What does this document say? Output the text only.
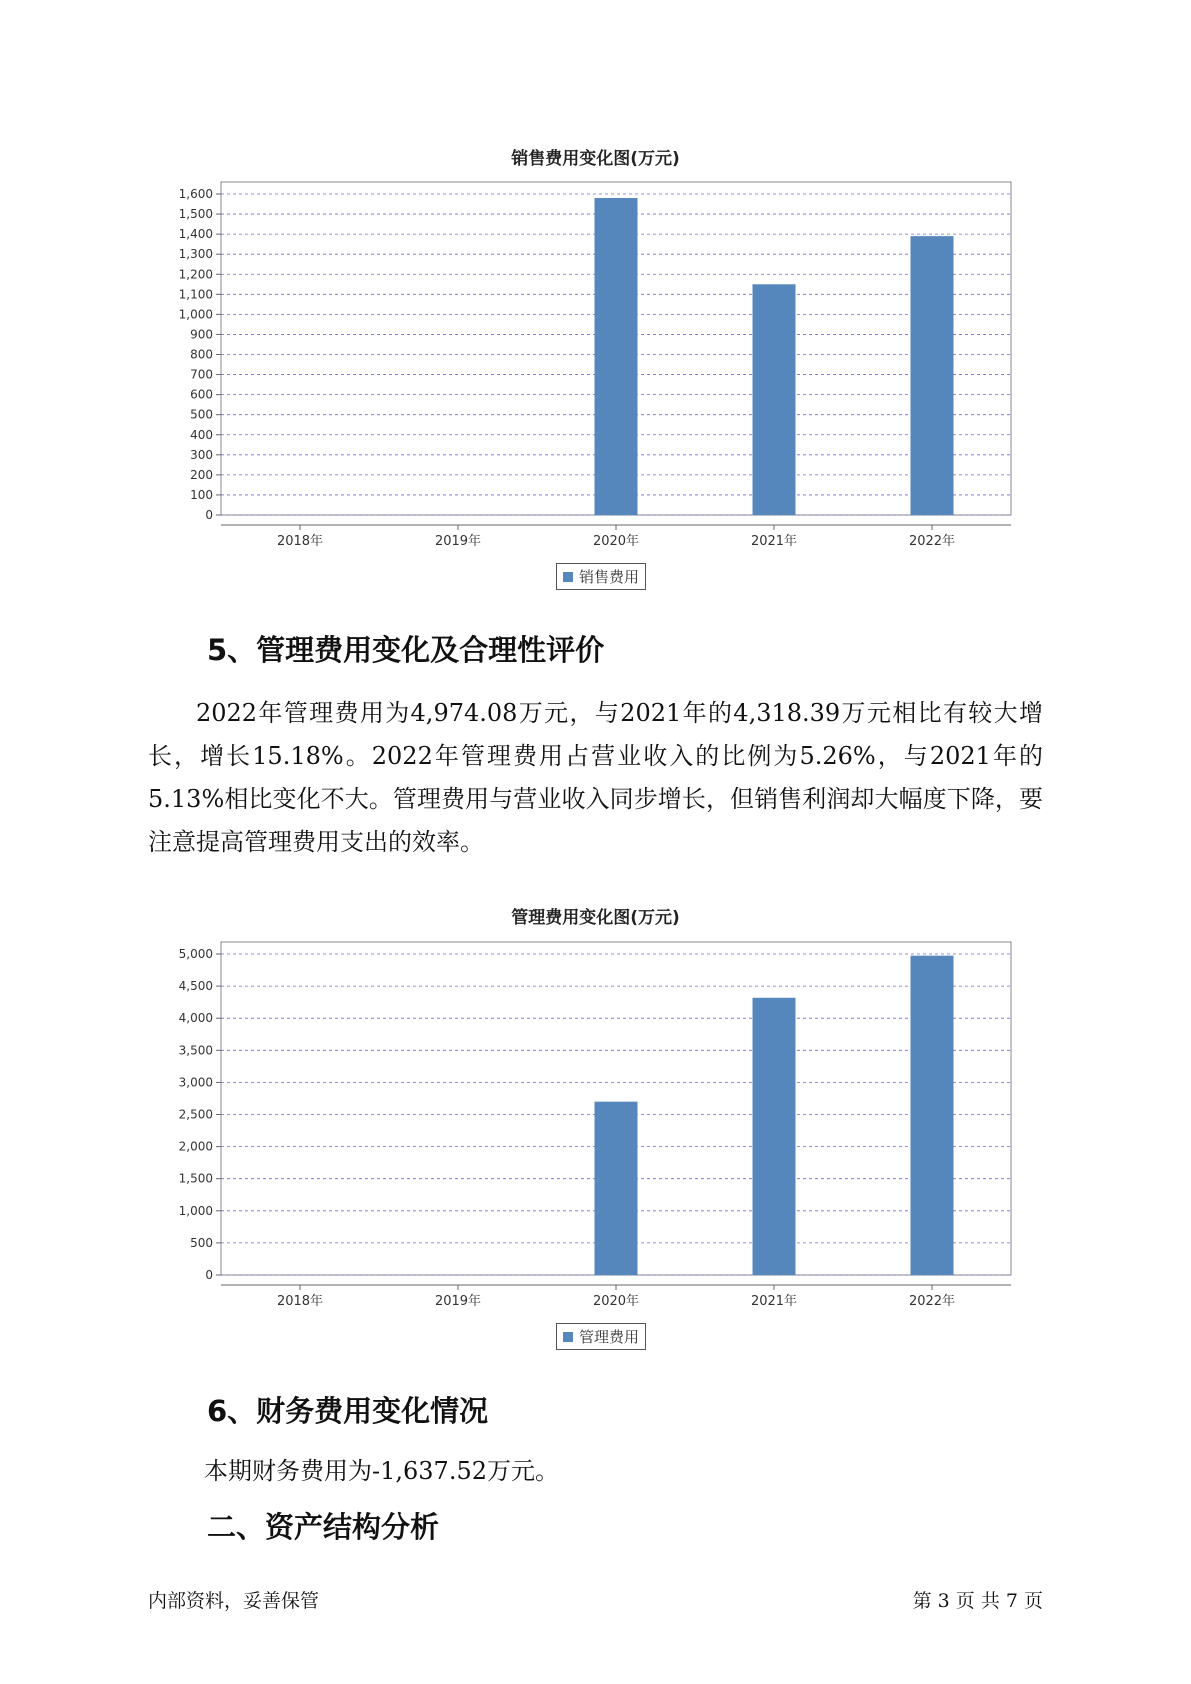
销售费用变化图(万元)
0
100
200
300
400
500
600
700
800
900
1,000
1,100
1,200
1,300
1,400
1,500
1,600
2018年	2019年	2020年	2021年	2022年
销售费用
5、管理费用变化及合理性评价

2022年管理费用为4,974.08万元，与2021年的4,318.39万元相比有较大增长，增长15.18%。2022年管理费用占营业收入的比例为5.26%，与2021年的5.13%相比变化不大。管理费用与营业收入同步增长，但销售利润却大幅度下降，要注意提高管理费用支出的效率。

管理费用变化图(万元)
0
500
1,000
1,500
2,000
2,500
3,000
3,500
4,000
4,500
5,000
2018年	2019年	2020年	2021年	2022年
管理费用
6、财务费用变化情况

本期财务费用为-1,637.52万元。

二、资产结构分析
内部资料，妥善保管	第 3 页 共 7 页
